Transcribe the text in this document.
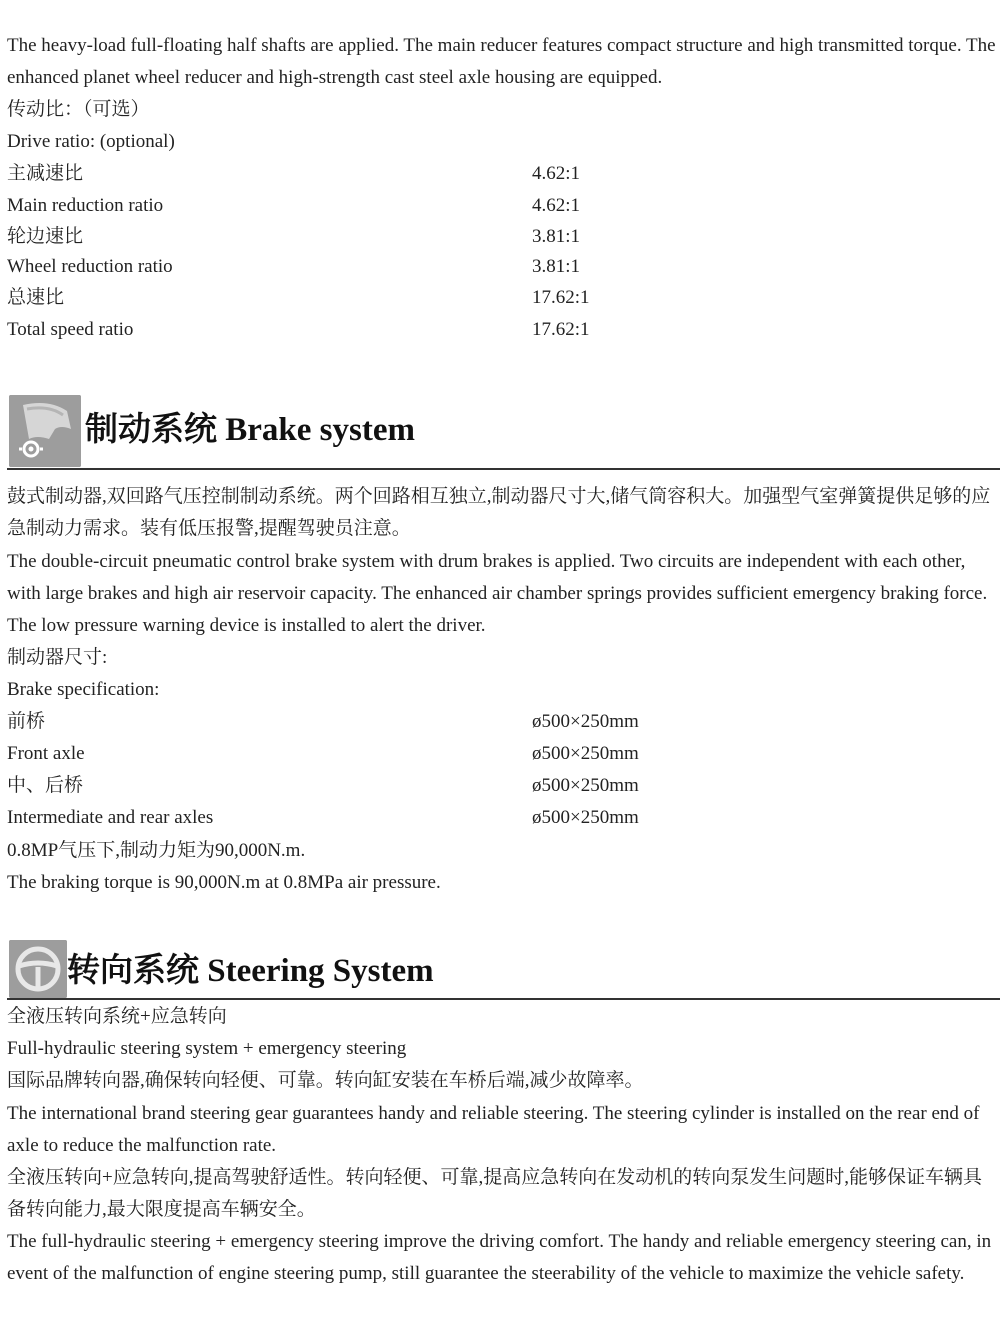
The heavy-load full-floating half shafts are applied. The main reducer features compact structure and high transmitted torque. The enhanced planet wheel reducer and high-strength cast steel axle housing are equipped.

传动比：（可选）

Drive ratio: (optional)

主减速比	4.62:1
Main reduction ratio	4.62:1
轮边速比	3.81:1
Wheel reduction ratio	3.81:1
总速比	17.62:1
Total speed ratio	17.62:1
制动系统 Brake system

鼓式制动器,双回路气压控制制动系统。两个回路相互独立,制动器尺寸大,储气筒容积大。加强型气室弹簧提供足够的应急制动力需求。装有低压报警,提醒驾驶员注意。

The double-circuit pneumatic control brake system with drum brakes is applied. Two circuits are independent with each other, with large brakes and high air reservoir capacity. The enhanced air chamber springs provides sufficient emergency braking force. The low pressure warning device is installed to alert the driver.

制动器尺寸:

Brake specification:

前桥	ø500×250mm
Front axle	ø500×250mm
中、后桥	ø500×250mm
Intermediate and rear axles	ø500×250mm

0.8MP气压下,制动力矩为90,000N.m.

The braking torque is 90,000N.m at 0.8MPa air pressure.

转向系统 Steering System

全液压转向系统+应急转向

Full-hydraulic steering system + emergency steering

国际品牌转向器,确保转向轻便、可靠。转向缸安装在车桥后端,减少故障率。

The international brand steering gear guarantees handy and reliable steering. The steering cylinder is installed on the rear end of axle to reduce the malfunction rate.

全液压转向+应急转向,提高驾驶舒适性。转向轻便、可靠,提高应急转向在发动机的转向泵发生问题时,能够保证车辆具备转向能力,最大限度提高车辆安全。

The full-hydraulic steering + emergency steering improve the driving comfort. The handy and reliable emergency steering can, in event of the malfunction of engine steering pump, still guarantee the steerability of the vehicle to maximize the vehicle safety.
